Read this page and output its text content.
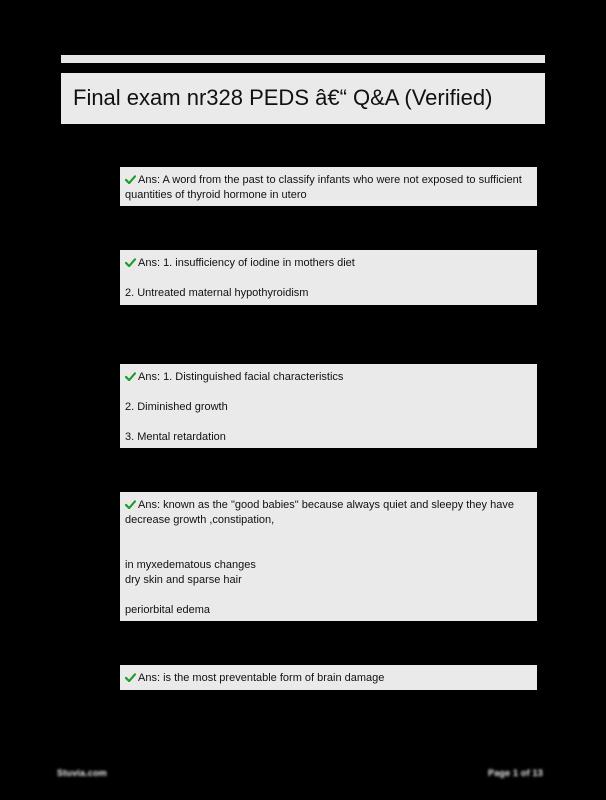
Final exam nr328 PEDS â€“ Q&A (Verified)
Ans: A word from the past to classify infants who were not exposed to sufficient
quantities of thyroid hormone in utero
Ans: 1. insufficiency of iodine in mothers diet
2. Untreated maternal hypothyroidism
Ans: 1. Distinguished facial characteristics
2. Diminished growth
3. Mental retardation
Ans: known as the "good babies" because always quiet and sleepy they have
decrease growth ,constipation,
in myxedematous changes
dry skin and sparse hair
periorbital edema
Ans: is the most preventable form of brain damage
Stuvia.com	Page 1 of 13
